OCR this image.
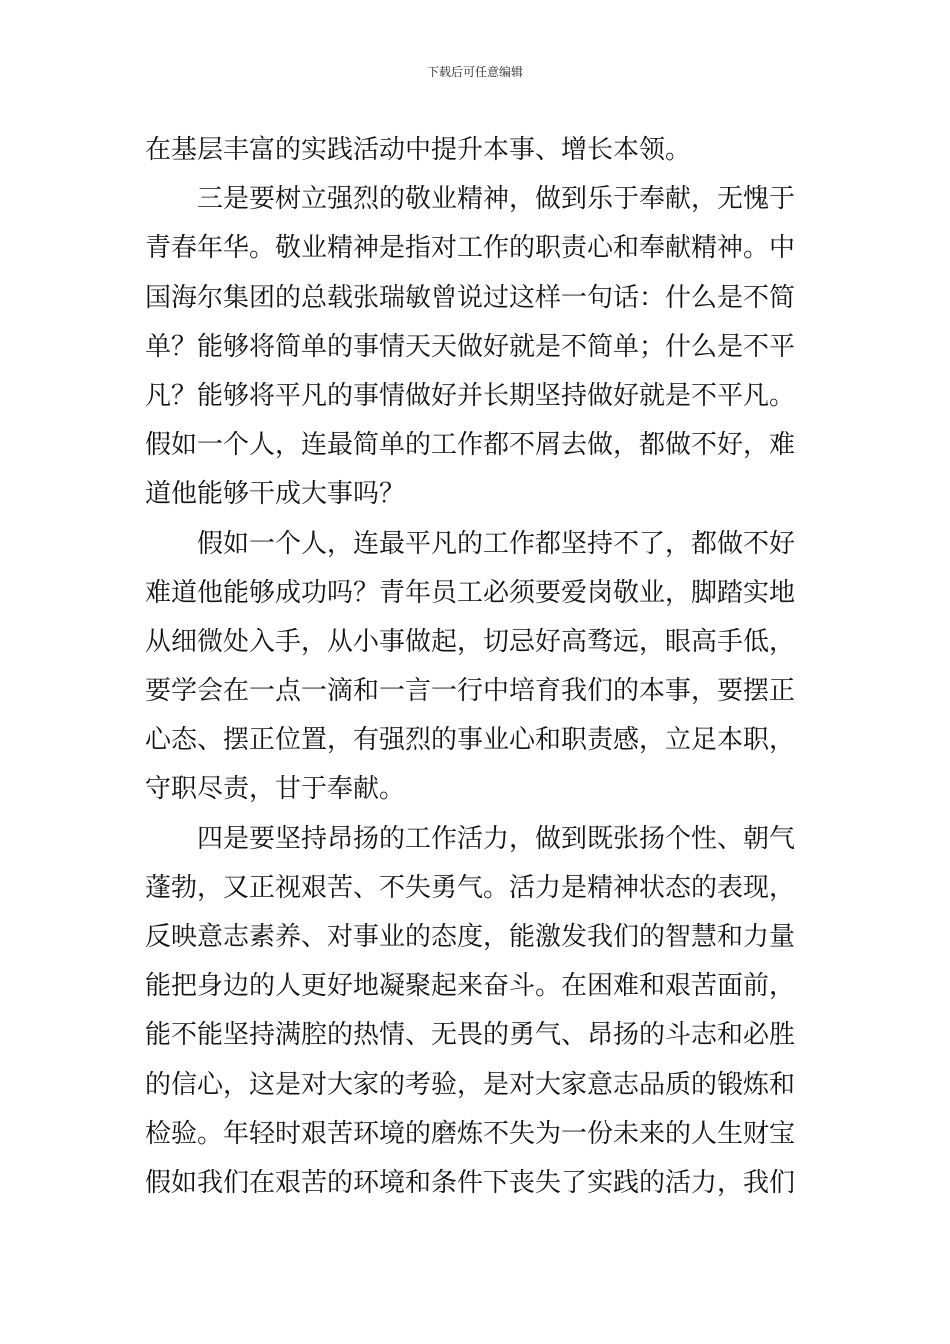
下载后可任意编辑
在基层丰富的实践活动中提升本事、增长本领。
三是要树立强烈的敬业精神，做到乐于奉献，无愧于
青春年华。敬业精神是指对工作的职责心和奉献精神。中
国海尔集团的总载张瑞敏曾说过这样一句话：什么是不简
单？能够将简单的事情天天做好就是不简单；什么是不平
凡？能够将平凡的事情做好并长期坚持做好就是不平凡。
假如一个人，连最简单的工作都不屑去做，都做不好，难
道他能够干成大事吗？
假如一个人，连最平凡的工作都坚持不了，都做不好
难道他能够成功吗？青年员工必须要爱岗敬业，脚踏实地
从细微处入手，从小事做起，切忌好高骛远，眼高手低，
要学会在一点一滴和一言一行中培育我们的本事，要摆正
心态、摆正位置，有强烈的事业心和职责感，立足本职，
守职尽责，甘于奉献。
四是要坚持昂扬的工作活力，做到既张扬个性、朝气
蓬勃，又正视艰苦、不失勇气。活力是精神状态的表现，
反映意志素养、对事业的态度，能激发我们的智慧和力量
能把身边的人更好地凝聚起来奋斗。在困难和艰苦面前，
能不能坚持满腔的热情、无畏的勇气、昂扬的斗志和必胜
的信心，这是对大家的考验，是对大家意志品质的锻炼和
检验。年轻时艰苦环境的磨炼不失为一份未来的人生财宝
假如我们在艰苦的环境和条件下丧失了实践的活力，我们
